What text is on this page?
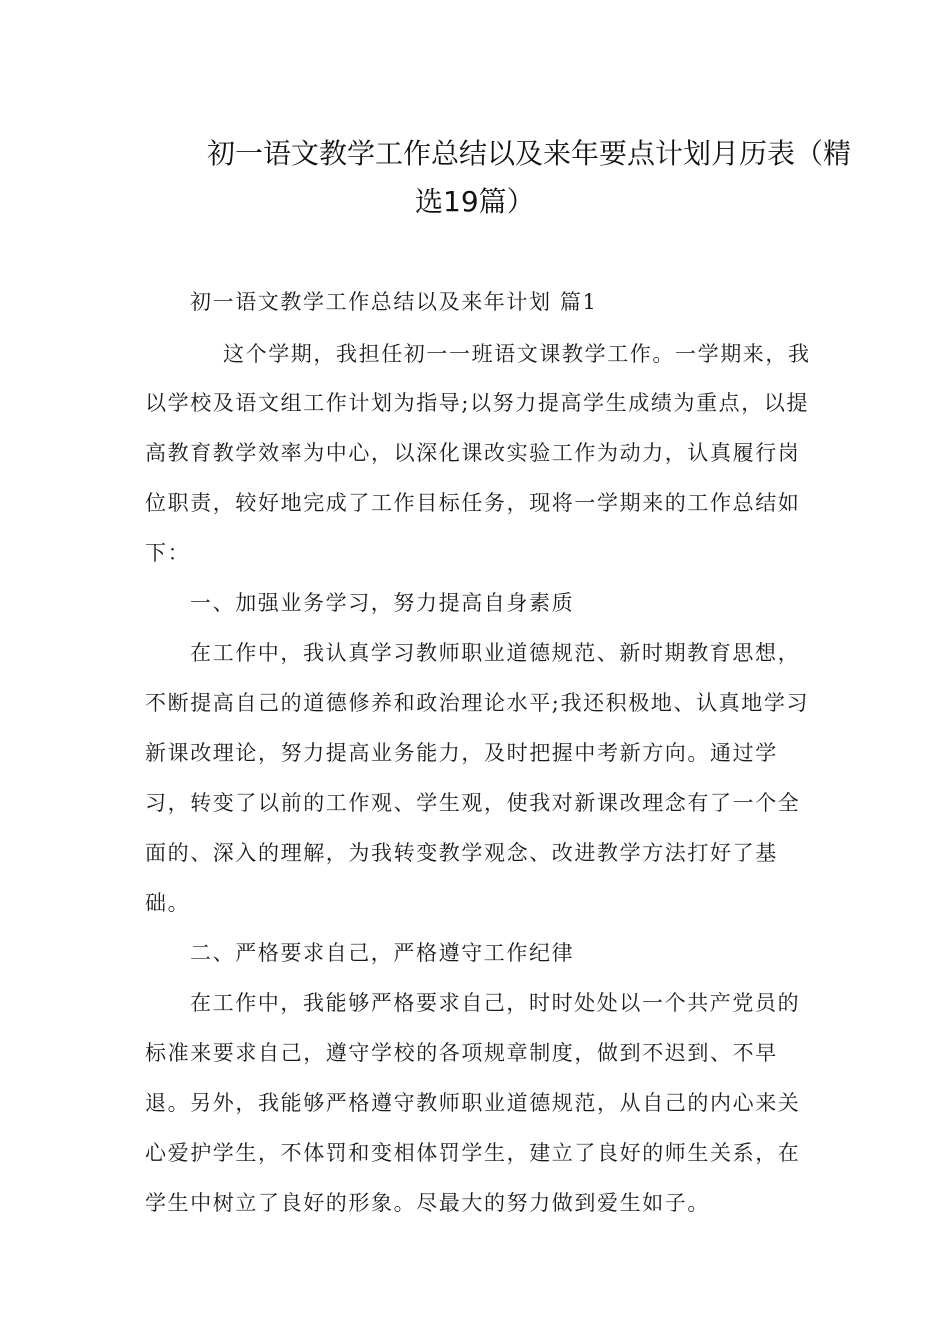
初一语文教学工作总结以及来年要点计划月历表（精
选19篇）
初一语文教学工作总结以及来年计划 篇1
这个学期，我担任初一一班语文课教学工作。一学期来，我
以学校及语文组工作计划为指导;以努力提高学生成绩为重点，以提
高教育教学效率为中心，以深化课改实验工作为动力，认真履行岗
位职责，较好地完成了工作目标任务，现将一学期来的工作总结如
下：
一、加强业务学习，努力提高自身素质
在工作中，我认真学习教师职业道德规范、新时期教育思想，
不断提高自己的道德修养和政治理论水平;我还积极地、认真地学习
新课改理论，努力提高业务能力，及时把握中考新方向。通过学
习，转变了以前的工作观、学生观，使我对新课改理念有了一个全
面的、深入的理解，为我转变教学观念、改进教学方法打好了基
础。
二、严格要求自己，严格遵守工作纪律
在工作中，我能够严格要求自己，时时处处以一个共产党员的
标准来要求自己，遵守学校的各项规章制度，做到不迟到、不早
退。另外，我能够严格遵守教师职业道德规范，从自己的内心来关
心爱护学生，不体罚和变相体罚学生，建立了良好的师生关系，在
学生中树立了良好的形象。尽最大的努力做到爱生如子。
